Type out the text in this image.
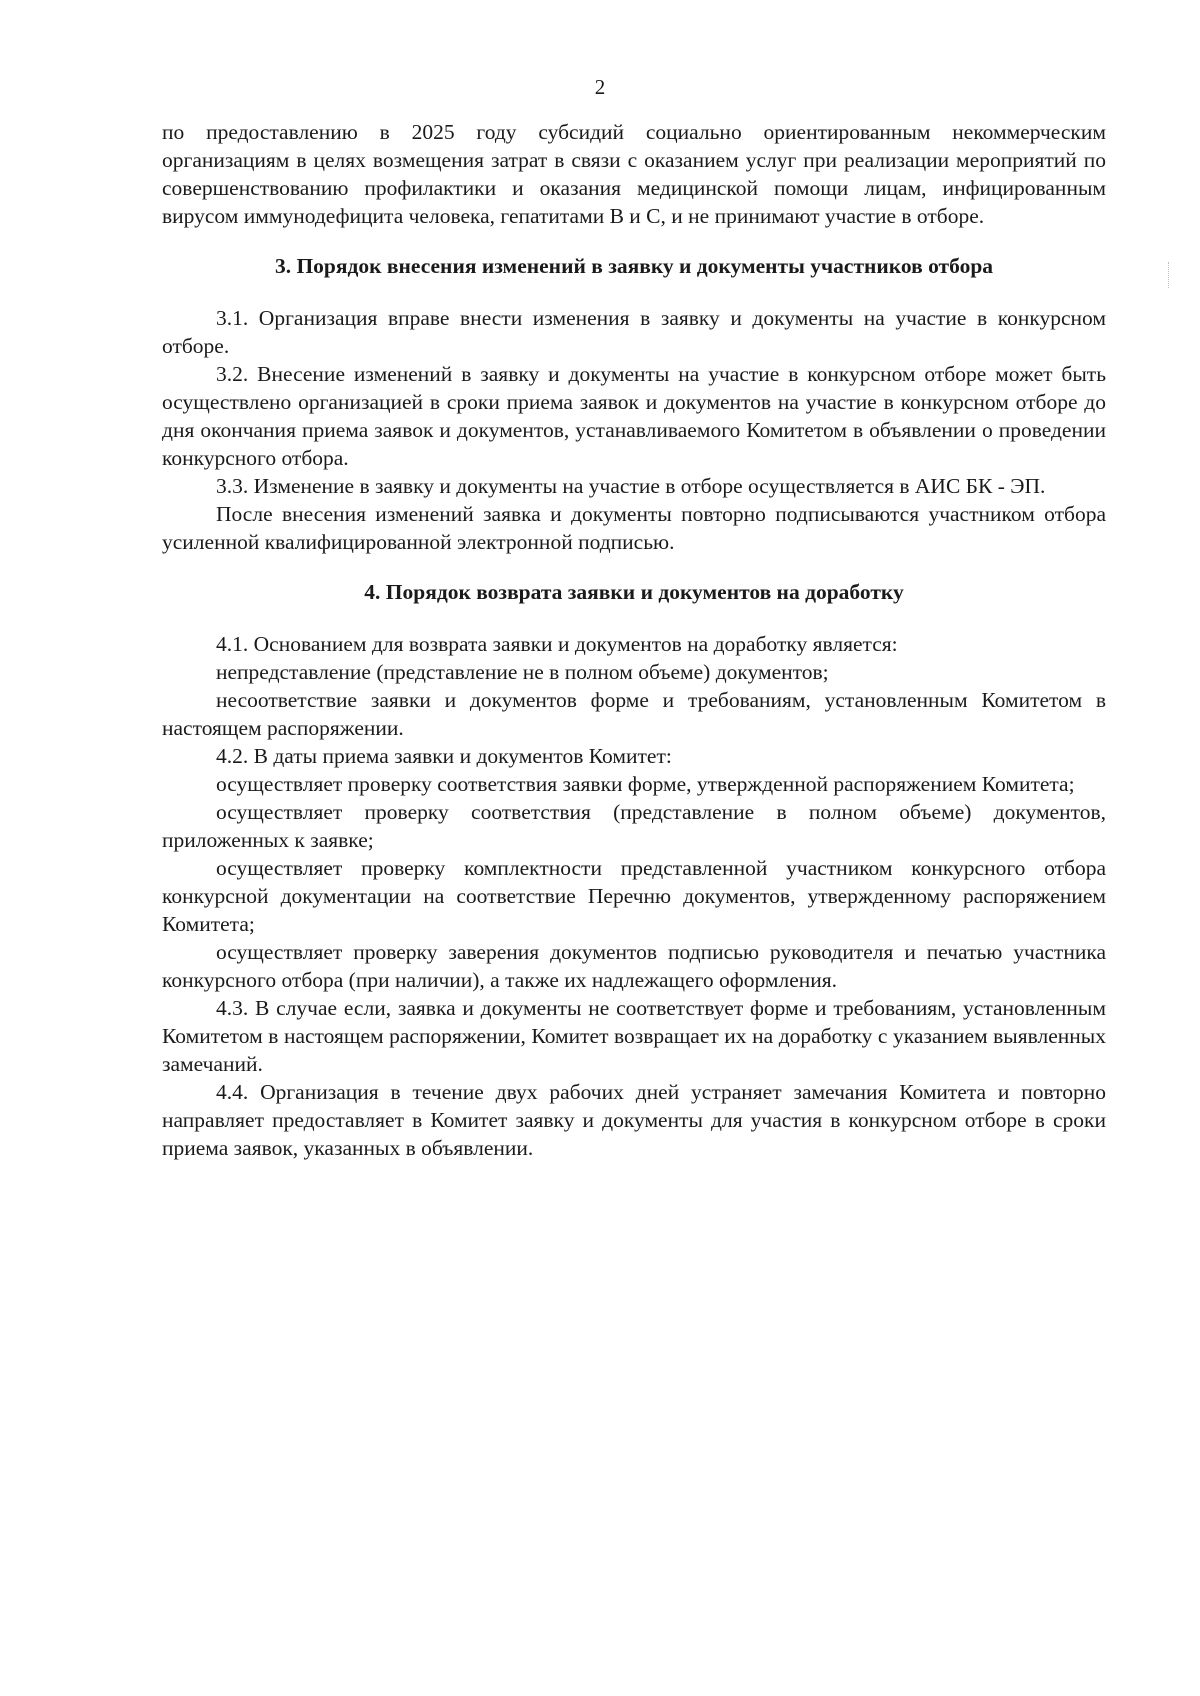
2

по предоставлению в 2025 году субсидий социально ориентированным некоммерческим организациям в целях возмещения затрат в связи с оказанием услуг при реализации мероприятий по совершенствованию профилактики и оказания медицинской помощи лицам, инфицированным вирусом иммунодефицита человека, гепатитами В и С, и не принимают участие в отборе.

3. Порядок внесения изменений в заявку и документы участников отбора

3.1. Организация вправе внести изменения в заявку и документы на участие в конкурсном отборе.

3.2. Внесение изменений в заявку и документы на участие в конкурсном отборе может быть осуществлено организацией в сроки приема заявок и документов на участие в конкурсном отборе до дня окончания приема заявок и документов, устанавливаемого Комитетом в объявлении о проведении конкурсного отбора.

3.3. Изменение в заявку и документы на участие в отборе осуществляется в АИС БК - ЭП.

После внесения изменений заявка и документы повторно подписываются участником отбора усиленной квалифицированной электронной подписью.

4. Порядок возврата заявки и документов на доработку

4.1. Основанием для возврата заявки и документов на доработку является:

непредставление (представление не в полном объеме) документов;

несоответствие заявки и документов форме и требованиям, установленным Комитетом в настоящем распоряжении.

4.2. В даты приема заявки и документов Комитет:

осуществляет проверку соответствия заявки форме, утвержденной распоряжением Комитета;

осуществляет проверку соответствия (представление в полном объеме) документов, приложенных к заявке;

осуществляет проверку комплектности представленной участником конкурсного отбора конкурсной документации на соответствие Перечню документов, утвержденному распоряжением Комитета;

осуществляет проверку заверения документов подписью руководителя и печатью участника конкурсного отбора (при наличии), а также их надлежащего оформления.

4.3. В случае если, заявка и документы не соответствует форме и требованиям, установленным Комитетом в настоящем распоряжении, Комитет возвращает их на доработку с указанием выявленных замечаний.

4.4. Организация в течение двух рабочих дней устраняет замечания Комитета и повторно направляет предоставляет в Комитет заявку и документы для участия в конкурсном отборе в сроки приема заявок, указанных в объявлении.
